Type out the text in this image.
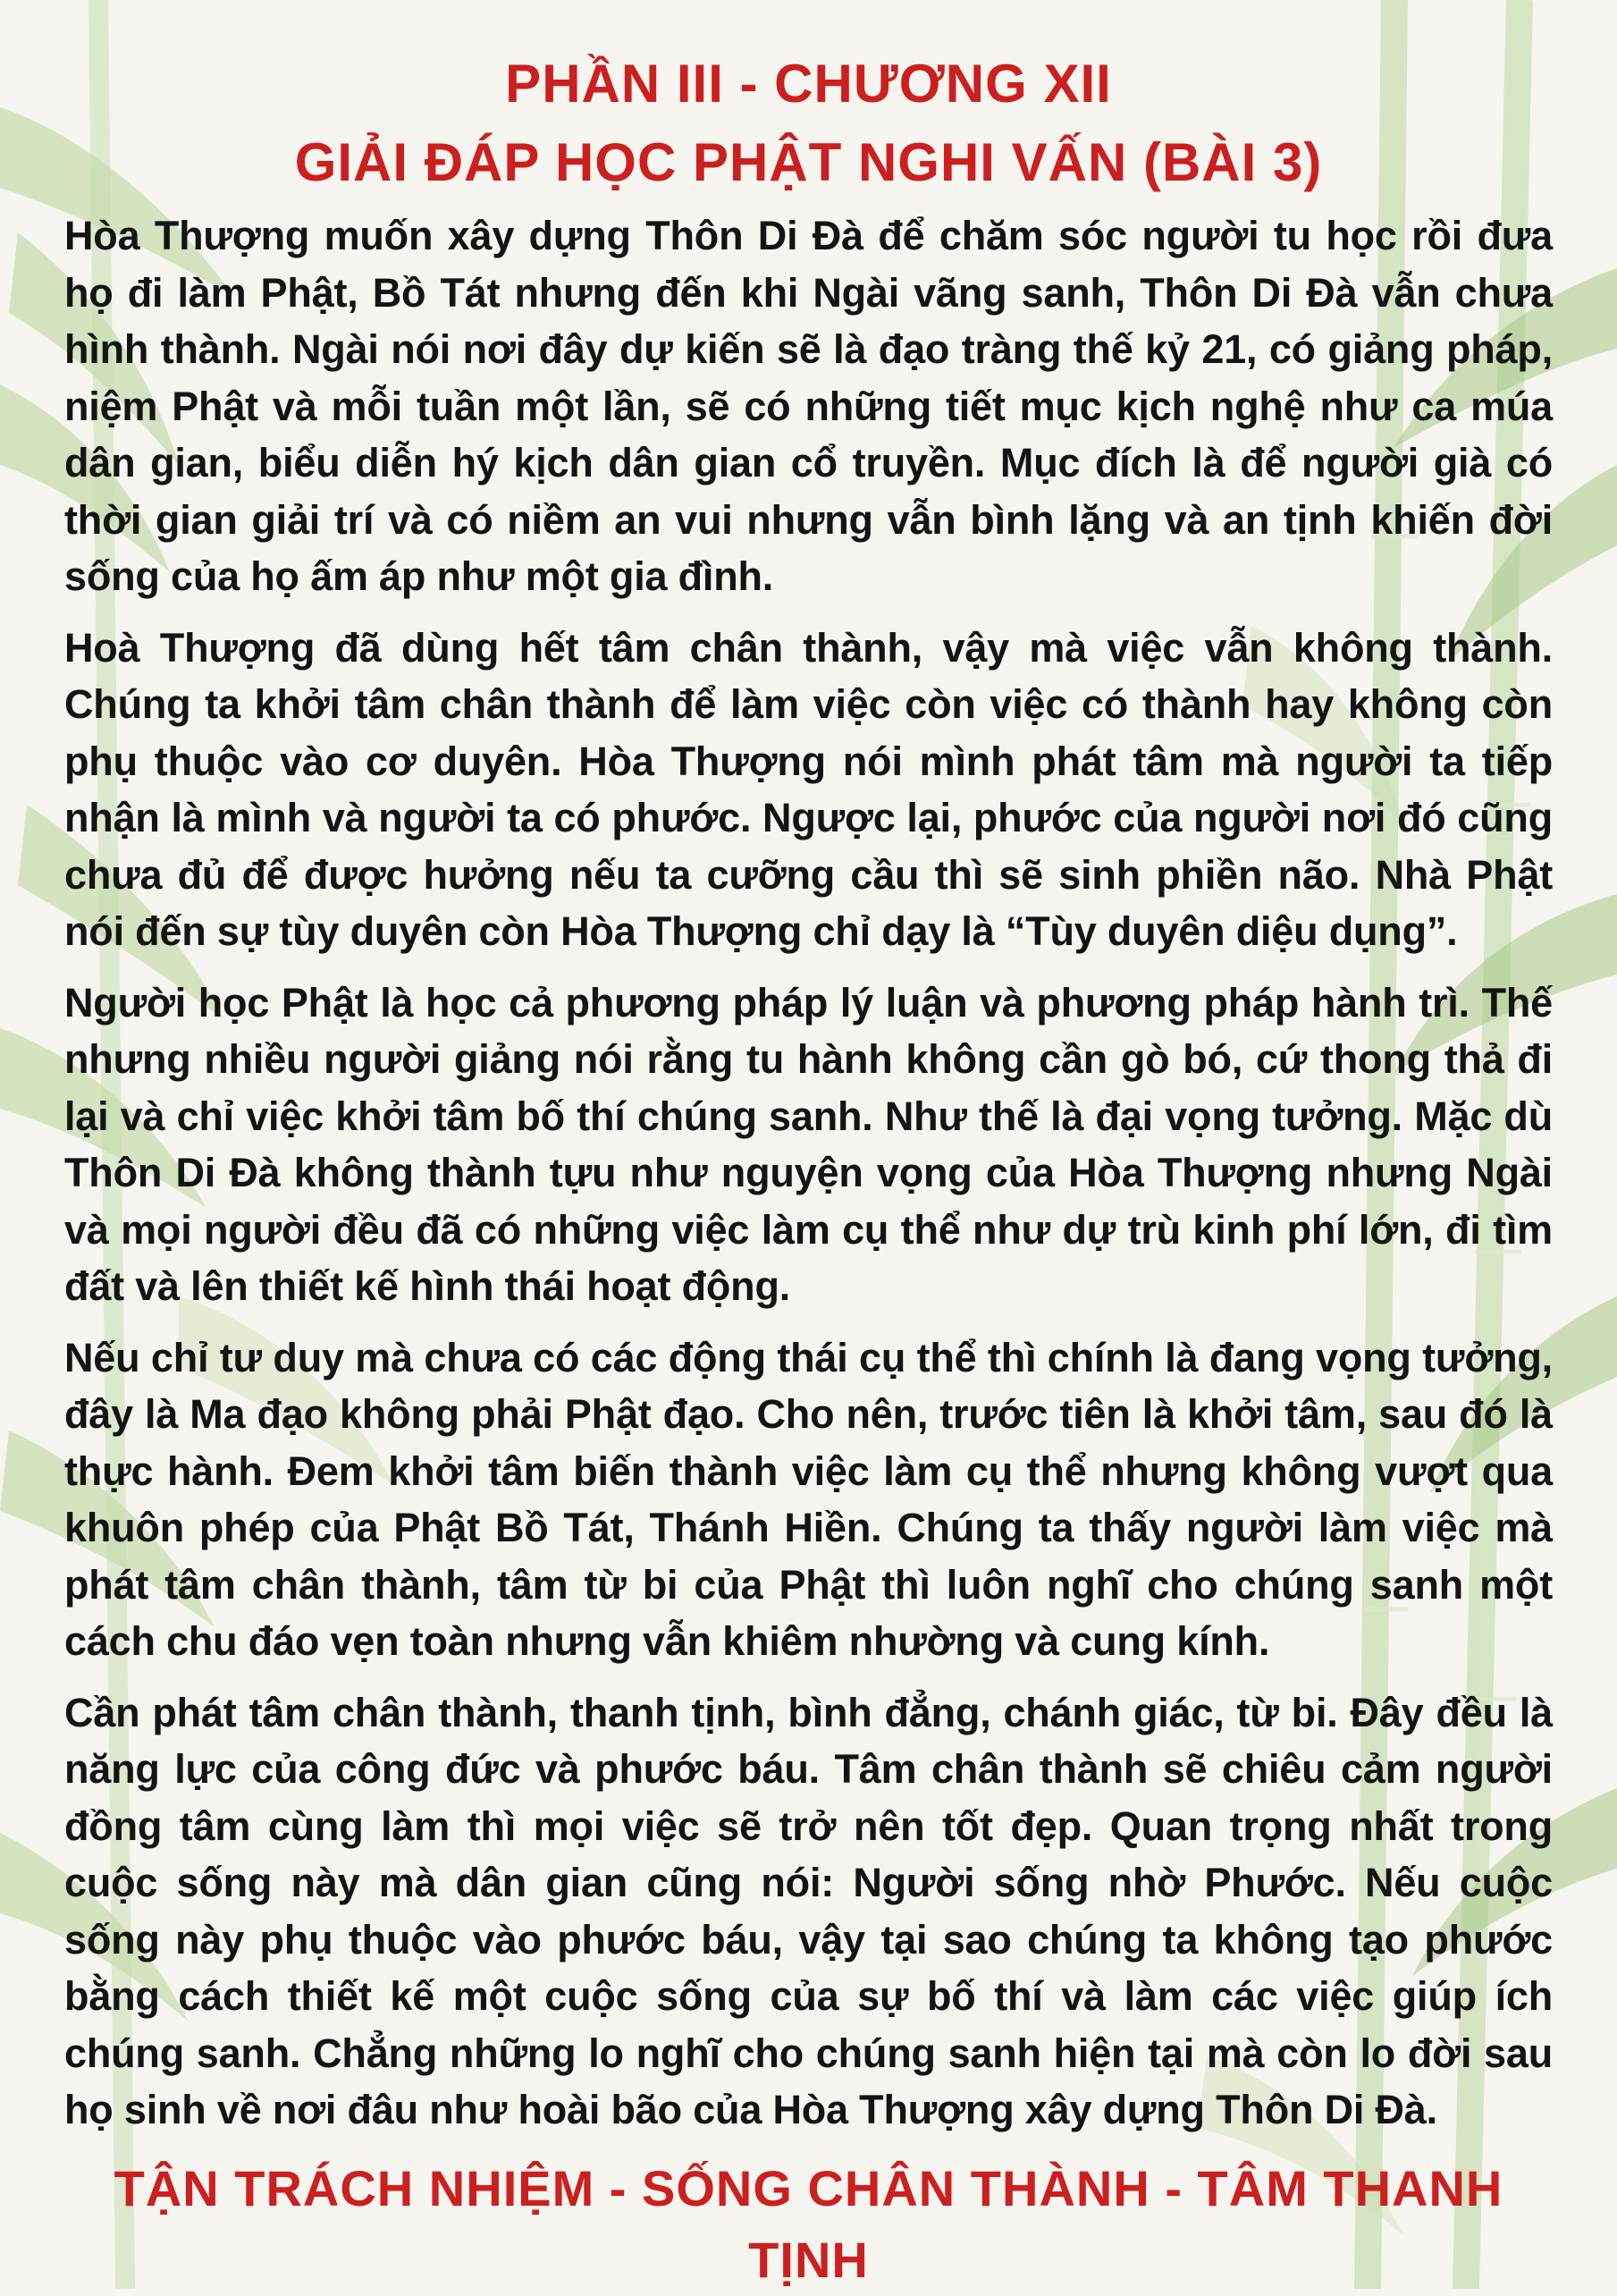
PHẦN III - CHƯƠNG XII
GIẢI ĐÁP HỌC PHẬT NGHI VẤN (BÀI 3)

Hòa Thượng muốn xây dựng Thôn Di Đà để chăm sóc người tu học rồi đưa họ đi làm Phật, Bồ Tát nhưng đến khi Ngài vãng sanh, Thôn Di Đà vẫn chưa hình thành. Ngài nói nơi đây dự kiến sẽ là đạo tràng thế kỷ 21, có giảng pháp, niệm Phật và mỗi tuần một lần, sẽ có những tiết mục kịch nghệ như ca múa dân gian, biểu diễn hý kịch dân gian cổ truyền. Mục đích là để người già có thời gian giải trí và có niềm an vui nhưng vẫn bình lặng và an tịnh khiến đời sống của họ ấm áp như một gia đình.

Hoà Thượng đã dùng hết tâm chân thành, vậy mà việc vẫn không thành. Chúng ta khởi tâm chân thành để làm việc còn việc có thành hay không còn phụ thuộc vào cơ duyên. Hòa Thượng nói mình phát tâm mà người ta tiếp nhận là mình và người ta có phước. Ngược lại, phước của người nơi đó cũng chưa đủ để được hưởng nếu ta cưỡng cầu thì sẽ sinh phiền não. Nhà Phật nói đến sự tùy duyên còn Hòa Thượng chỉ dạy là “Tùy duyên diệu dụng”.

Người học Phật là học cả phương pháp lý luận và phương pháp hành trì. Thế nhưng nhiều người giảng nói rằng tu hành không cần gò bó, cứ thong thả đi lại và chỉ việc khởi tâm bố thí chúng sanh. Như thế là đại vọng tưởng. Mặc dù Thôn Di Đà không thành tựu như nguyện vọng của Hòa Thượng nhưng Ngài và mọi người đều đã có những việc làm cụ thể như dự trù kinh phí lớn, đi tìm đất và lên thiết kế hình thái hoạt động.

Nếu chỉ tư duy mà chưa có các động thái cụ thể thì chính là đang vọng tưởng, đây là Ma đạo không phải Phật đạo. Cho nên, trước tiên là khởi tâm, sau đó là thực hành. Đem khởi tâm biến thành việc làm cụ thể nhưng không vượt qua khuôn phép của Phật Bồ Tát, Thánh Hiền. Chúng ta thấy người làm việc mà phát tâm chân thành, tâm từ bi của Phật thì luôn nghĩ cho chúng sanh một cách chu đáo vẹn toàn nhưng vẫn khiêm nhường và cung kính.

Cần phát tâm chân thành, thanh tịnh, bình đẳng, chánh giác, từ bi. Đây đều là năng lực của công đức và phước báu. Tâm chân thành sẽ chiêu cảm người đồng tâm cùng làm thì mọi việc sẽ trở nên tốt đẹp. Quan trọng nhất trong cuộc sống này mà dân gian cũng nói: Người sống nhờ Phước. Nếu cuộc sống này phụ thuộc vào phước báu, vậy tại sao chúng ta không tạo phước bằng cách thiết kế một cuộc sống của sự bố thí và làm các việc giúp ích chúng sanh. Chẳng những lo nghĩ cho chúng sanh hiện tại mà còn lo đời sau họ sinh về nơi đâu như hoài bão của Hòa Thượng xây dựng Thôn Di Đà.

TẬN TRÁCH NHIỆM - SỐNG CHÂN THÀNH - TÂM THANH TỊNH
